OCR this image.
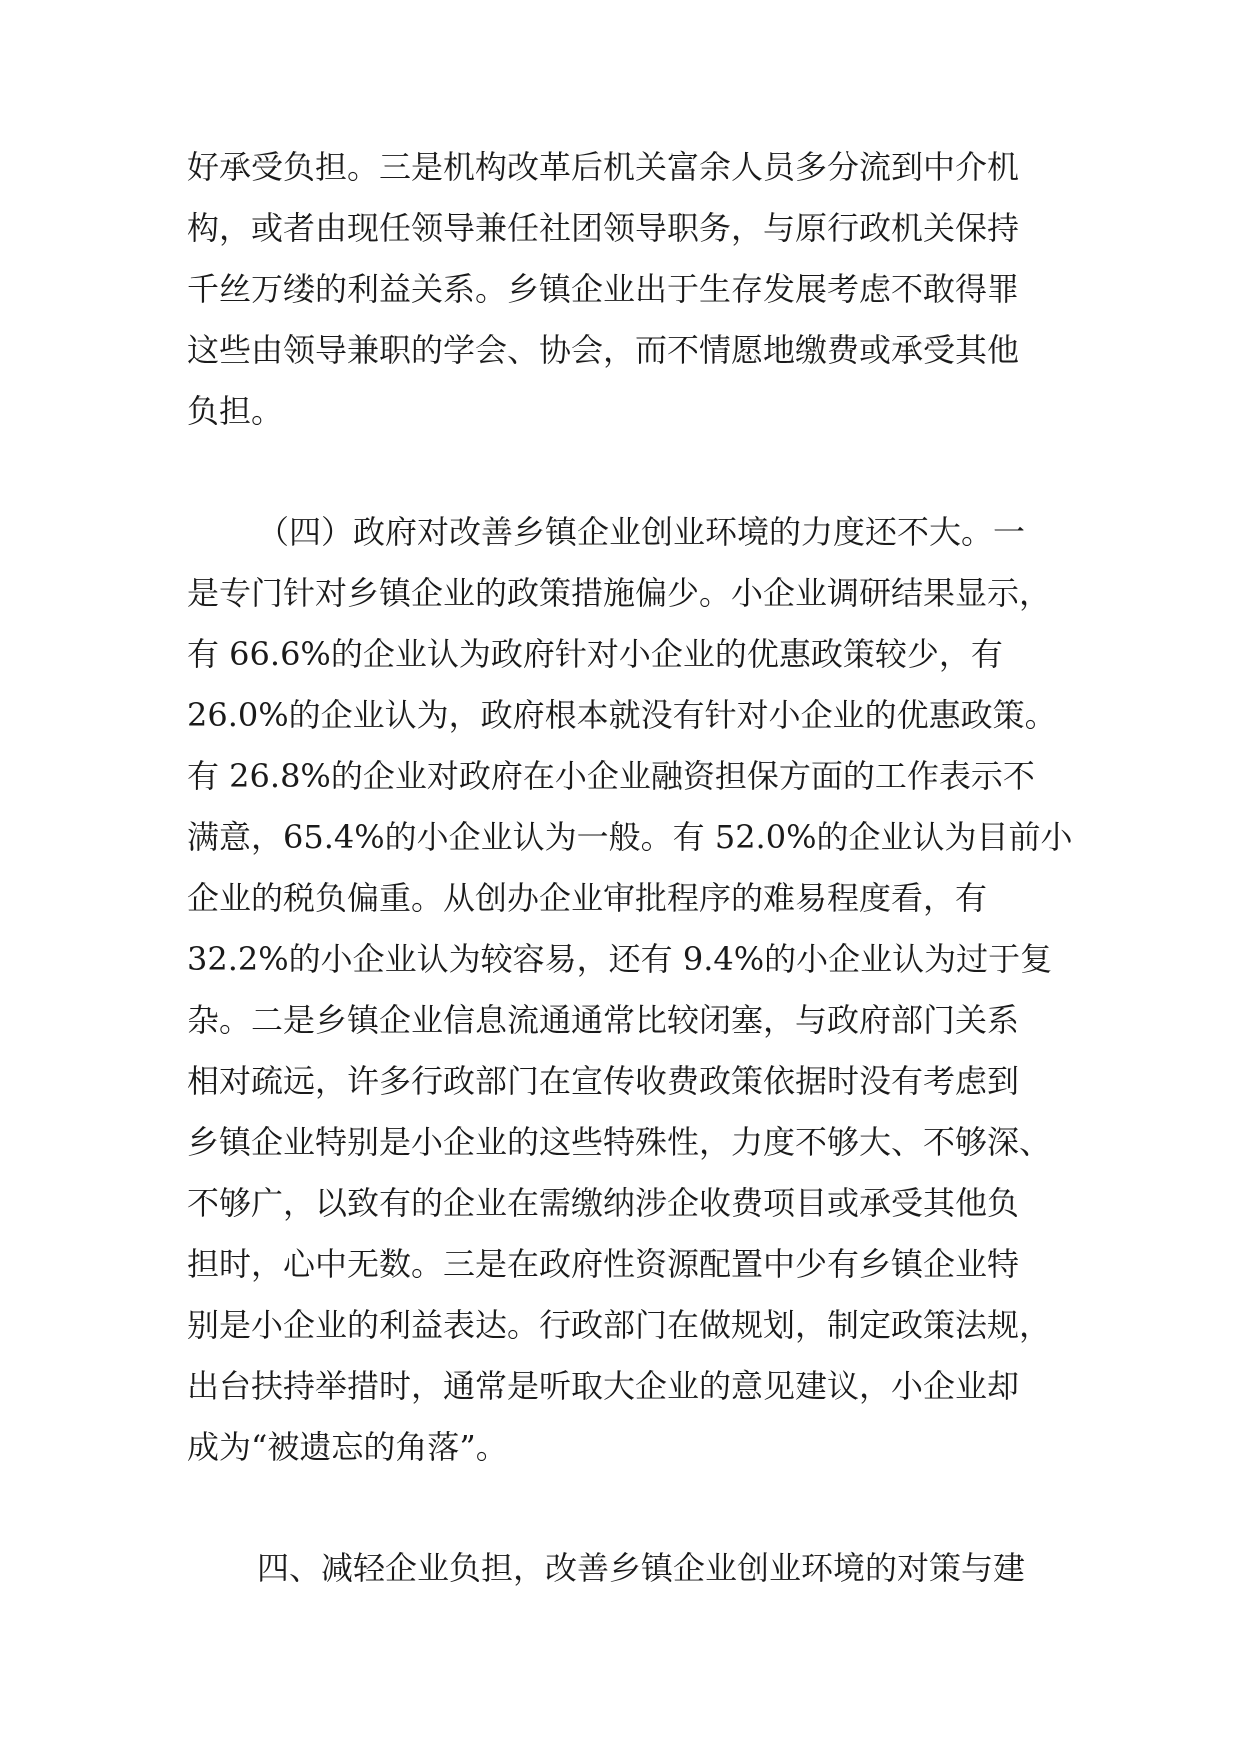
好承受负担。三是机构改革后机关富余人员多分流到中介机
构，或者由现任领导兼任社团领导职务，与原行政机关保持
千丝万缕的利益关系。乡镇企业出于生存发展考虑不敢得罪
这些由领导兼职的学会、协会，而不情愿地缴费或承受其他
负担。
（四）政府对改善乡镇企业创业环境的力度还不大。一
是专门针对乡镇企业的政策措施偏少。小企业调研结果显示，
有 66.6%的企业认为政府针对小企业的优惠政策较少，有
26.0%的企业认为，政府根本就没有针对小企业的优惠政策。
有 26.8%的企业对政府在小企业融资担保方面的工作表示不
满意，65.4%的小企业认为一般。有 52.0%的企业认为目前小
企业的税负偏重。从创办企业审批程序的难易程度看，有
32.2%的小企业认为较容易，还有 9.4%的小企业认为过于复
杂。二是乡镇企业信息流通通常比较闭塞，与政府部门关系
相对疏远，许多行政部门在宣传收费政策依据时没有考虑到
乡镇企业特别是小企业的这些特殊性，力度不够大、不够深、
不够广，以致有的企业在需缴纳涉企收费项目或承受其他负
担时，心中无数。三是在政府性资源配置中少有乡镇企业特
别是小企业的利益表达。行政部门在做规划，制定政策法规，
出台扶持举措时，通常是听取大企业的意见建议，小企业却
成为“被遗忘的角落”。
四、减轻企业负担，改善乡镇企业创业环境的对策与建
